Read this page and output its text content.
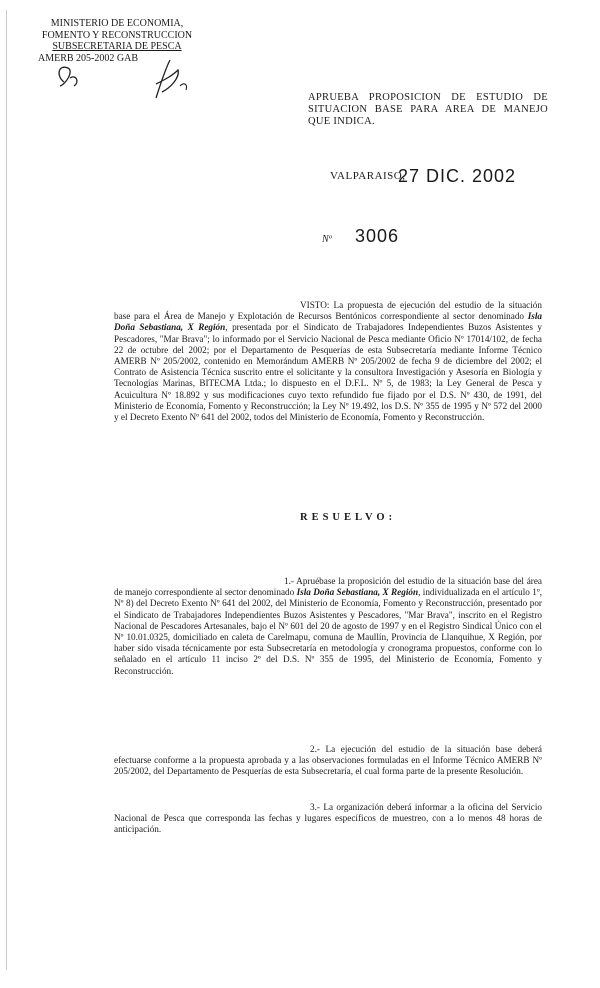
MINISTERIO DE ECONOMIA,
FOMENTO Y RECONSTRUCCION
SUBSECRETARIA DE PESCA
AMERB 205-2002 GAB
APRUEBA PROPOSICION DE ESTUDIO DE SITUACION BASE PARA AREA DE MANEJO QUE INDICA.
VALPARAISO,
27 DIC. 2002
Nº 3006

VISTO: La propuesta de ejecución del estudio de la situación base para el Área de Manejo y Explotación de Recursos Bentónicos correspondiente al sector denominado Isla Doña Sebastiana, X Región, presentada por el Sindicato de Trabajadores Independientes Buzos Asistentes y Pescadores, "Mar Brava"; lo informado por el Servicio Nacional de Pesca mediante Oficio Nº 17014/102, de fecha 22 de octubre del 2002; por el Departamento de Pesquerías de esta Subsecretaría mediante Informe Técnico AMERB Nº 205/2002, contenido en Memorándum AMERB Nº 205/2002 de fecha 9 de diciembre del 2002; el Contrato de Asistencia Técnica suscrito entre el solicitante y la consultora Investigación y Asesoría en Biología y Tecnologías Marinas, BITECMA Ltda.; lo dispuesto en el D.F.L. Nº 5, de 1983; la Ley General de Pesca y Acuicultura Nº 18.892 y sus modificaciones cuyo texto refundido fue fijado por el D.S. Nº 430, de 1991, del Ministerio de Economía, Fomento y Reconstrucción; la Ley Nº 19.492, los D.S. Nº 355 de 1995 y Nº 572 del 2000 y el Decreto Exento Nº 641 del 2002, todos del Ministerio de Economía, Fomento y Reconstrucción.

RESUELVO:

1.- Apruébase la proposición del estudio de la situación base del área de manejo correspondiente al sector denominado Isla Doña Sebastiana, X Región, individualizada en el artículo 1º, Nº 8) del Decreto Exento Nº 641 del 2002, del Ministerio de Economía, Fomento y Reconstrucción, presentado por el Sindicato de Trabajadores Independientes Buzos Asistentes y Pescadores, "Mar Brava", inscrito en el Registro Nacional de Pescadores Artesanales, bajo el Nº 601 del 20 de agosto de 1997 y en el Registro Sindical Único con el Nº 10.01.0325, domiciliado en caleta de Carelmapu, comuna de Maullín, Provincia de Llanquihue, X Región, por haber sido visada técnicamente por esta Subsecretaría en metodología y cronograma propuestos, conforme con lo señalado en el artículo 11 inciso 2º del D.S. Nº 355 de 1995, del Ministerio de Economía, Fomento y Reconstrucción.

2.- La ejecución del estudio de la situación base deberá efectuarse conforme a la propuesta aprobada y a las observaciones formuladas en el Informe Técnico AMERB Nº 205/2002, del Departamento de Pesquerías de esta Subsecretaría, el cual forma parte de la presente Resolución.

3.- La organización deberá informar a la oficina del Servicio Nacional de Pesca que corresponda las fechas y lugares específicos de muestreo, con a lo menos 48 horas de anticipación.
